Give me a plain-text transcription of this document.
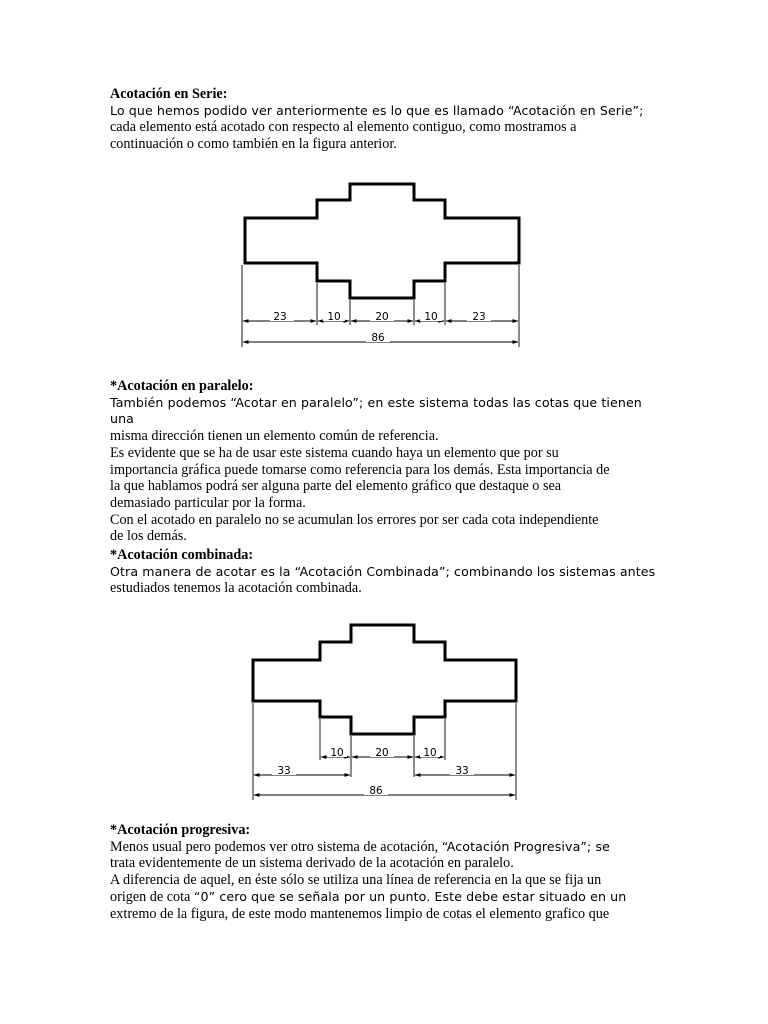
Acotación en Serie:

Lo que hemos podido ver anteriormente es lo que es llamado “Acotación en Serie”;

cada elemento está acotado con respecto al elemento contiguo, como mostramos a

continuación o como también en la figura anterior.

23	10	20	10	23
86

*Acotación en paralelo:

También podemos “Acotar en paralelo”; en este sistema todas las cotas que tienen una

misma dirección tienen un elemento común de referencia.

Es evidente que se ha de usar este sistema cuando haya un elemento que por su

importancia gráfica puede tomarse como referencia para los demás. Esta importancia de

la que hablamos podrá ser alguna parte del elemento gráfico que destaque o sea

demasiado particular por la forma.

Con el acotado en paralelo no se acumulan los errores por ser cada cota independiente

de los demás.

*Acotación combinada:

Otra manera de acotar es la “Acotación Combinada”; combinando los sistemas antes

estudiados tenemos la acotación combinada.

10	20	10
33	33
86

*Acotación progresiva:

Menos usual pero podemos ver otro sistema de acotación, “Acotación Progresiva”; se

trata evidentemente de un sistema derivado de la acotación en paralelo.

A diferencia de aquel, en éste sólo se utiliza una línea de referencia en la que se fija un

origen de cota “0” cero que se señala por un punto. Este debe estar situado en un

extremo de la figura, de este modo mantenemos limpio de cotas el elemento grafico que
